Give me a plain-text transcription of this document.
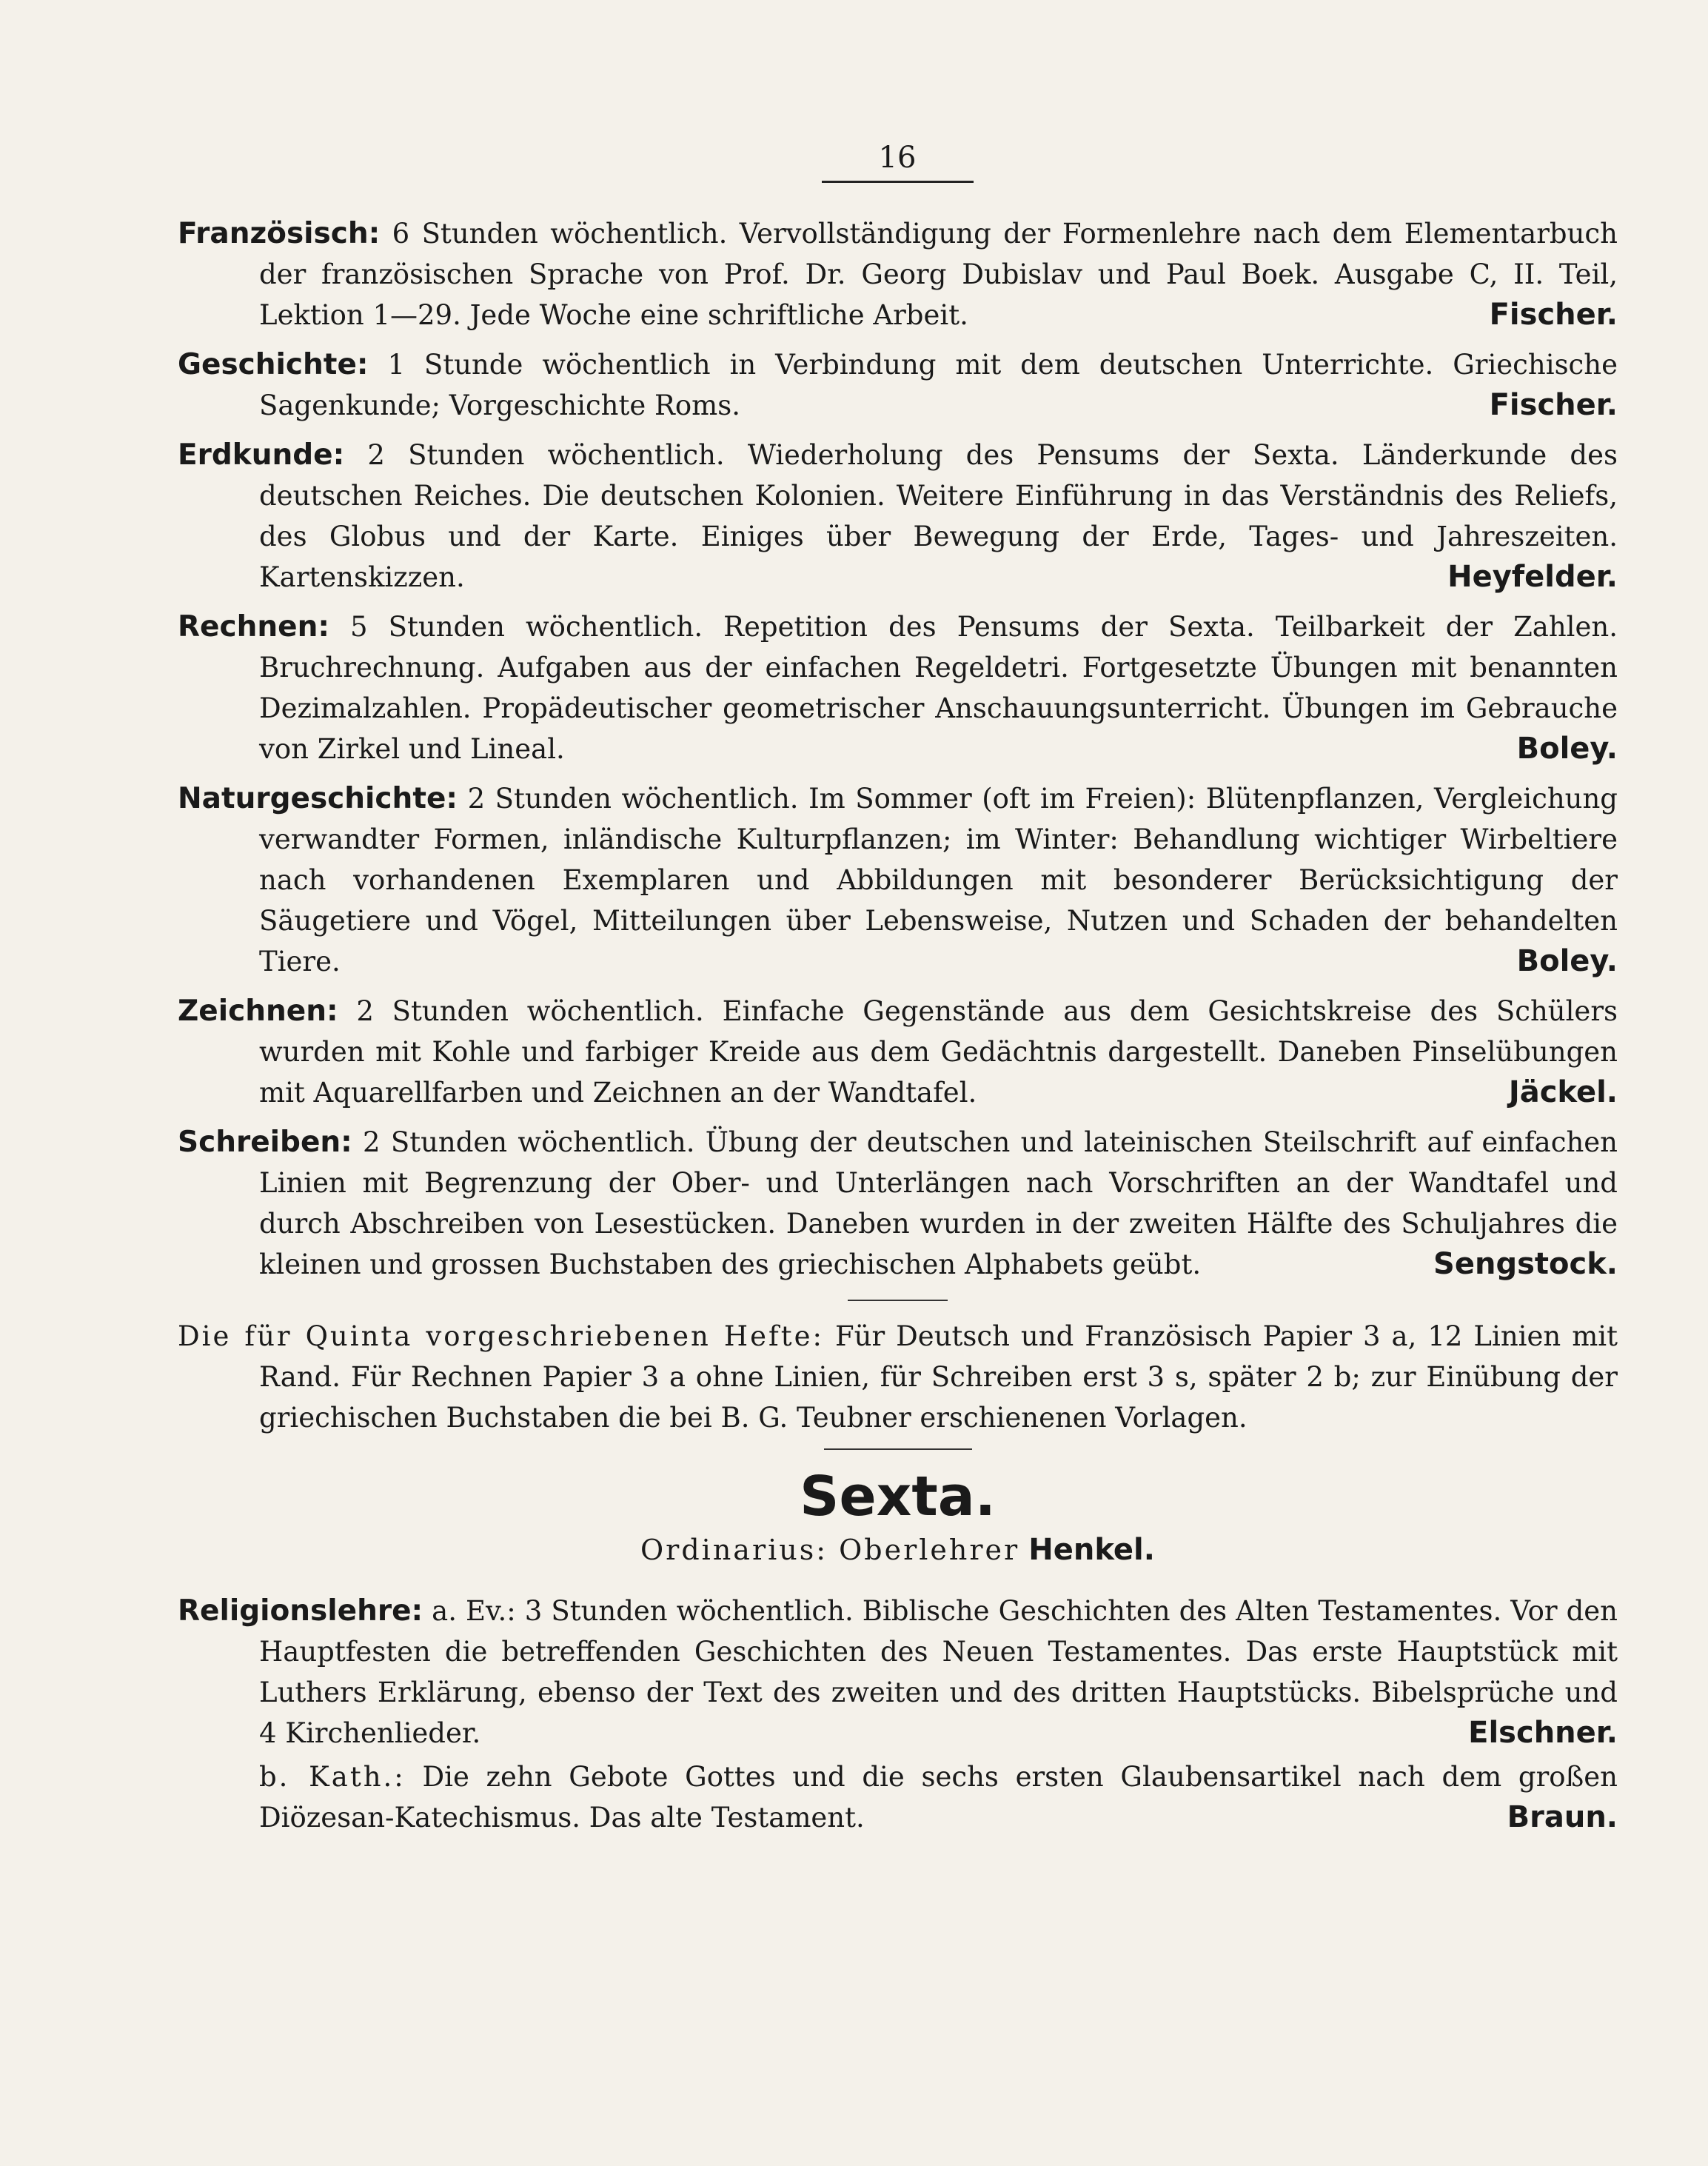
16
Französisch: 6 Stunden wöchentlich. Vervollständigung der Formenlehre nach dem Elementarbuch der französischen Sprache von Prof. Dr. Georg Dubislav und Paul Boek. Ausgabe C, II. Teil, Lektion 1—29. Jede Woche eine schriftliche Arbeit.	Fischer.
Geschichte: 1 Stunde wöchentlich in Verbindung mit dem deutschen Unterrichte. Griechische Sagenkunde; Vorgeschichte Roms.	Fischer.
Erdkunde: 2 Stunden wöchentlich. Wiederholung des Pensums der Sexta. Länderkunde des deutschen Reiches. Die deutschen Kolonien. Weitere Einführung in das Verständnis des Reliefs, des Globus und der Karte. Einiges über Bewegung der Erde, Tages- und Jahreszeiten. Kartenskizzen.	Heyfelder.
Rechnen: 5 Stunden wöchentlich. Repetition des Pensums der Sexta. Teilbarkeit der Zahlen. Bruchrechnung. Aufgaben aus der einfachen Regeldetri. Fortgesetzte Übungen mit benannten Dezimalzahlen. Propädeutischer geometrischer Anschauungsunterricht. Übungen im Gebrauche von Zirkel und Lineal.	Boley.
Naturgeschichte: 2 Stunden wöchentlich. Im Sommer (oft im Freien): Blütenpflanzen, Vergleichung verwandter Formen, inländische Kulturpflanzen; im Winter: Behandlung wichtiger Wirbeltiere nach vorhandenen Exemplaren und Abbildungen mit besonderer Berücksichtigung der Säugetiere und Vögel, Mitteilungen über Lebensweise, Nutzen und Schaden der behandelten Tiere.	Boley.
Zeichnen: 2 Stunden wöchentlich. Einfache Gegenstände aus dem Gesichtskreise des Schülers wurden mit Kohle und farbiger Kreide aus dem Gedächtnis dargestellt. Daneben Pinselübungen mit Aquarellfarben und Zeichnen an der Wandtafel.	Jäckel.
Schreiben: 2 Stunden wöchentlich. Übung der deutschen und lateinischen Steilschrift auf einfachen Linien mit Begrenzung der Ober- und Unterlängen nach Vorschriften an der Wandtafel und durch Abschreiben von Lesestücken. Daneben wurden in der zweiten Hälfte des Schuljahres die kleinen und grossen Buchstaben des griechischen Alphabets geübt.	Sengstock.
Die für Quinta vorgeschriebenen Hefte: Für Deutsch und Französisch Papier 3 a, 12 Linien mit Rand. Für Rechnen Papier 3 a ohne Linien, für Schreiben erst 3 s, später 2 b; zur Einübung der griechischen Buchstaben die bei B. G. Teubner erschienenen Vorlagen.
Sexta.
Ordinarius: Oberlehrer Henkel.
Religionslehre: a. Ev.: 3 Stunden wöchentlich. Biblische Geschichten des Alten Testamentes. Vor den Hauptfesten die betreffenden Geschichten des Neuen Testamentes. Das erste Hauptstück mit Luthers Erklärung, ebenso der Text des zweiten und des dritten Hauptstücks. Bibelsprüche und 4 Kirchenlieder.	Elschner.
b. Kath.: Die zehn Gebote Gottes und die sechs ersten Glaubensartikel nach dem großen Diözesan-Katechismus. Das alte Testament.	Braun.
